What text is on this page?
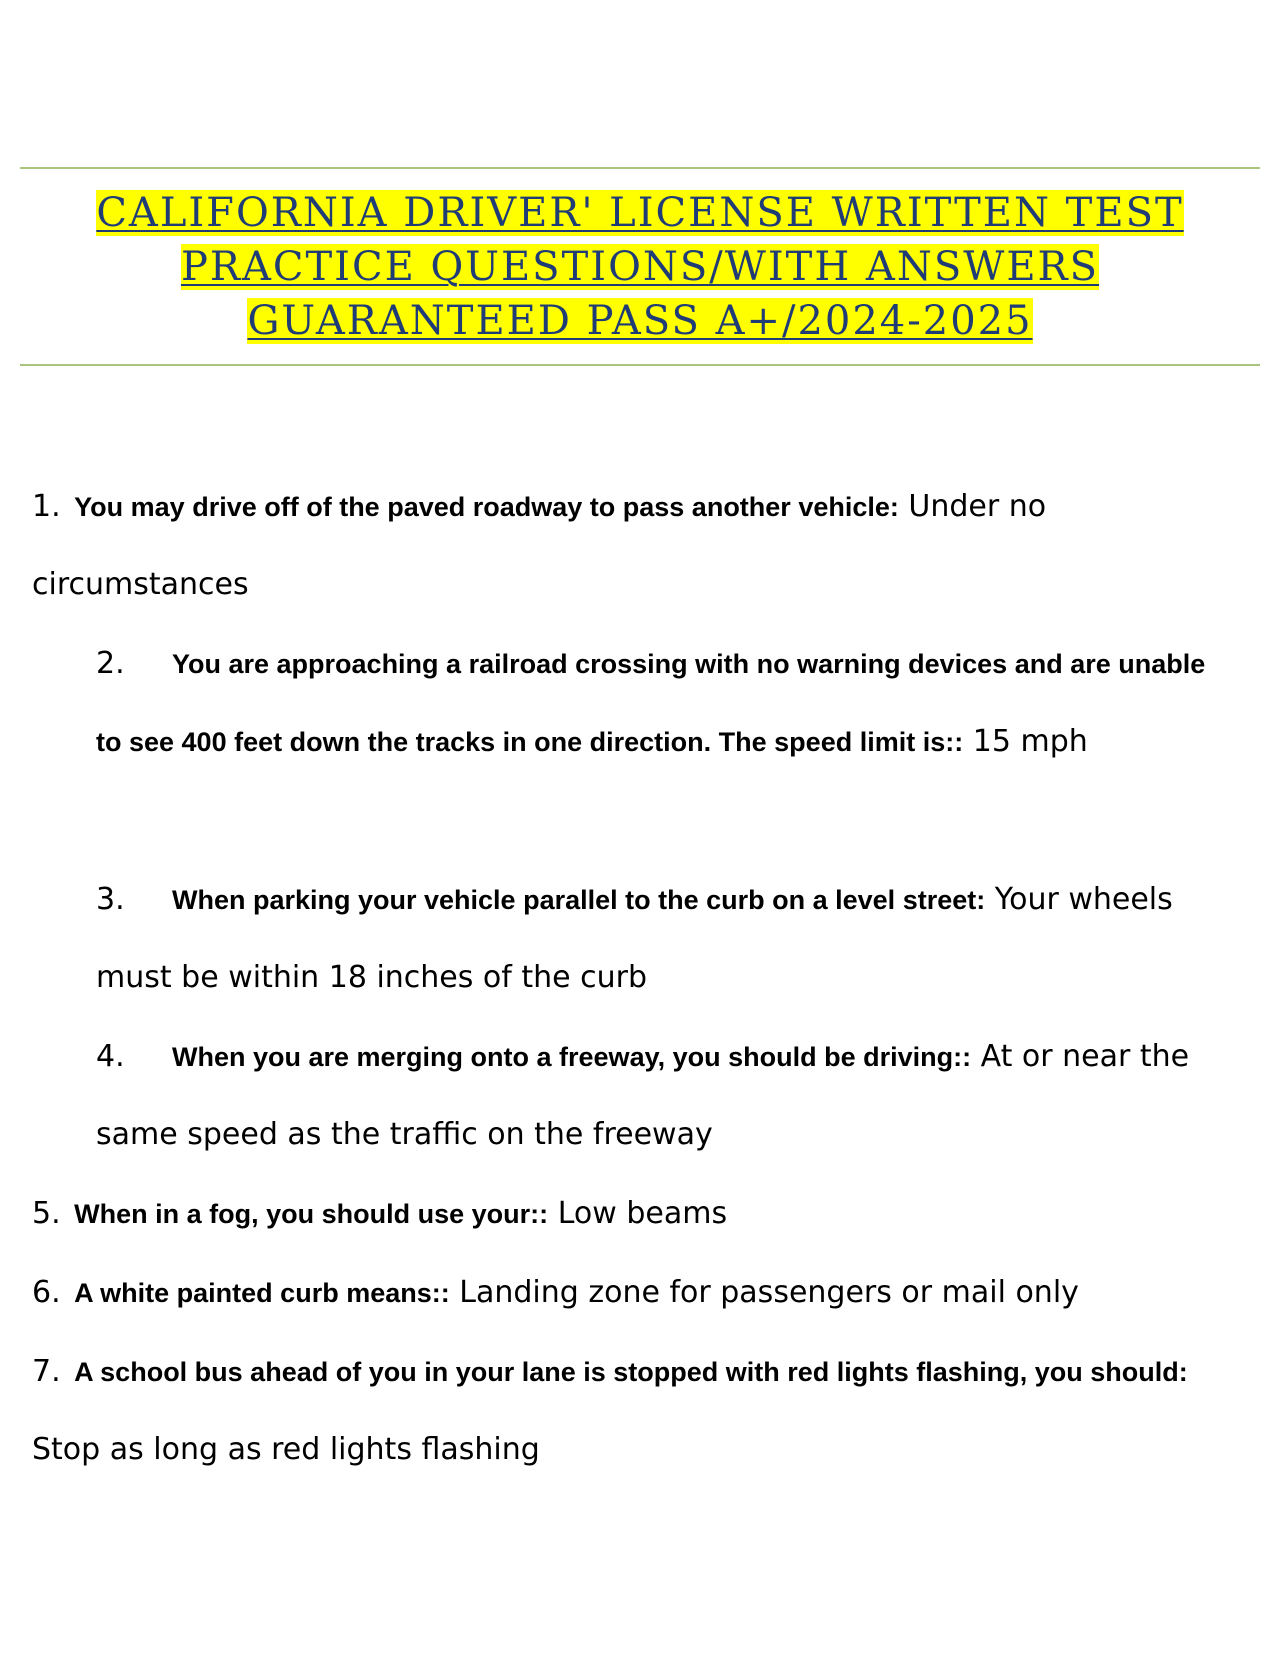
CALIFORNIA DRIVER' LICENSE WRITTEN TEST PRACTICE QUESTIONS/WITH ANSWERS GUARANTEED PASS A+/2024-2025
1. You may drive off of the paved roadway to pass another vehicle: Under no circumstances
2. You are approaching a railroad crossing with no warning devices and are unable to see 400 feet down the tracks in one direction. The speed limit is:: 15 mph
3. When parking your vehicle parallel to the curb on a level street: Your wheels must be within 18 inches of the curb
4. When you are merging onto a freeway, you should be driving:: At or near the same speed as the traffic on the freeway
5. When in a fog, you should use your:: Low beams
6. A white painted curb means:: Landing zone for passengers or mail only
7. A school bus ahead of you in your lane is stopped with red lights flashing, you should: Stop as long as red lights flashing
